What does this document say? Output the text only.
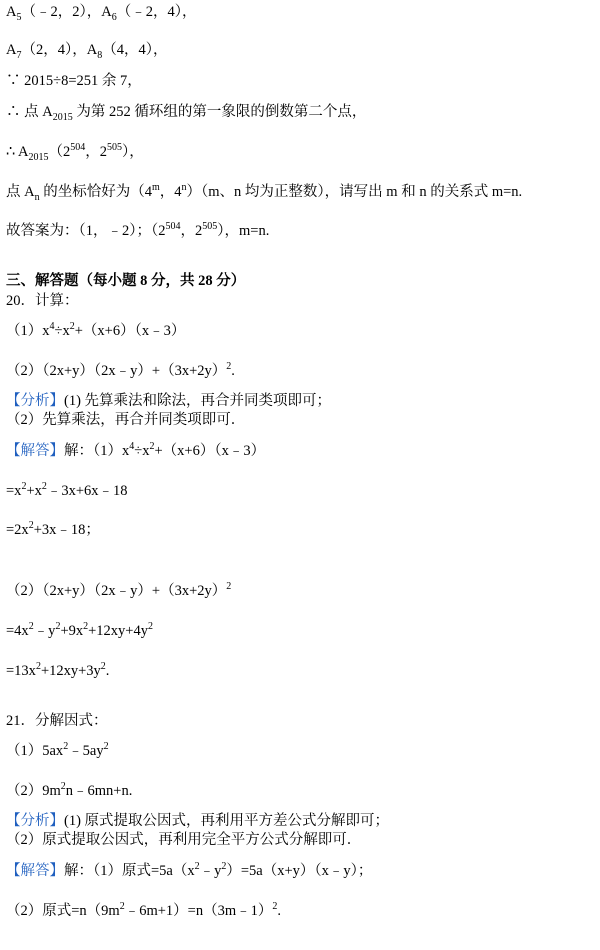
$A_5(﹣2$，2），$A_6(﹣2$，4），
$A_7(2$，4），$A_8(4$，4），
∵ 2015÷8=251 余 7，
∴ 点 $A_{2015}$ 为第 252 循环组的第一象限的倒数第二个点，
∴ $A_{2015}(2^{504}$，$2^{505}$），
点 $A_n$ 的坐标恰好为（4$^m$，4$^n$）（m、n 均为正整数），请写出 m 和 n 的关系式 m=n.
故答案为：（1，﹣2）；（$2^{504}$，$2^{505}$），m=n.
三、解答题（每小题 8 分，共 28 分）
20．计算：
$(1)x^4\div x^2+(x+6)(x﹣3)$
$(2)(2x+y)(2x﹣y)+(3x+2y)^2$.
【分析】(1) 先算乘法和除法，再合并同类项即可；
（2）先算乘法，再合并同类项即可．
【解答】解：$(1)x^4\div x^2+(x+6)(x﹣3)$
$=x^2+x^2﹣3x+6x﹣18$
$=2x^2+3x﹣18$；
$(2)(2x+y)(2x﹣y)+(3x+2y)^2$
$=4x^2﹣y^2+9x^2+12xy+4y^2$
$=13x^2+12xy+3y^2$.
21．分解因式：
$(1)5ax^2﹣5ay^2$
$(2)9m^2n﹣6mn+n$.
【分析】(1) 原式提取公因式，再利用平方差公式分解即可；
（2）原式提取公因式，再利用完全平方公式分解即可．
【解答】解：（1）原式$=5a(x^2﹣y^2)=5a(x+y)(x﹣y)$；
（2）原式$=n(9m^2﹣6m+1)=n(3m﹣1)^2$.
